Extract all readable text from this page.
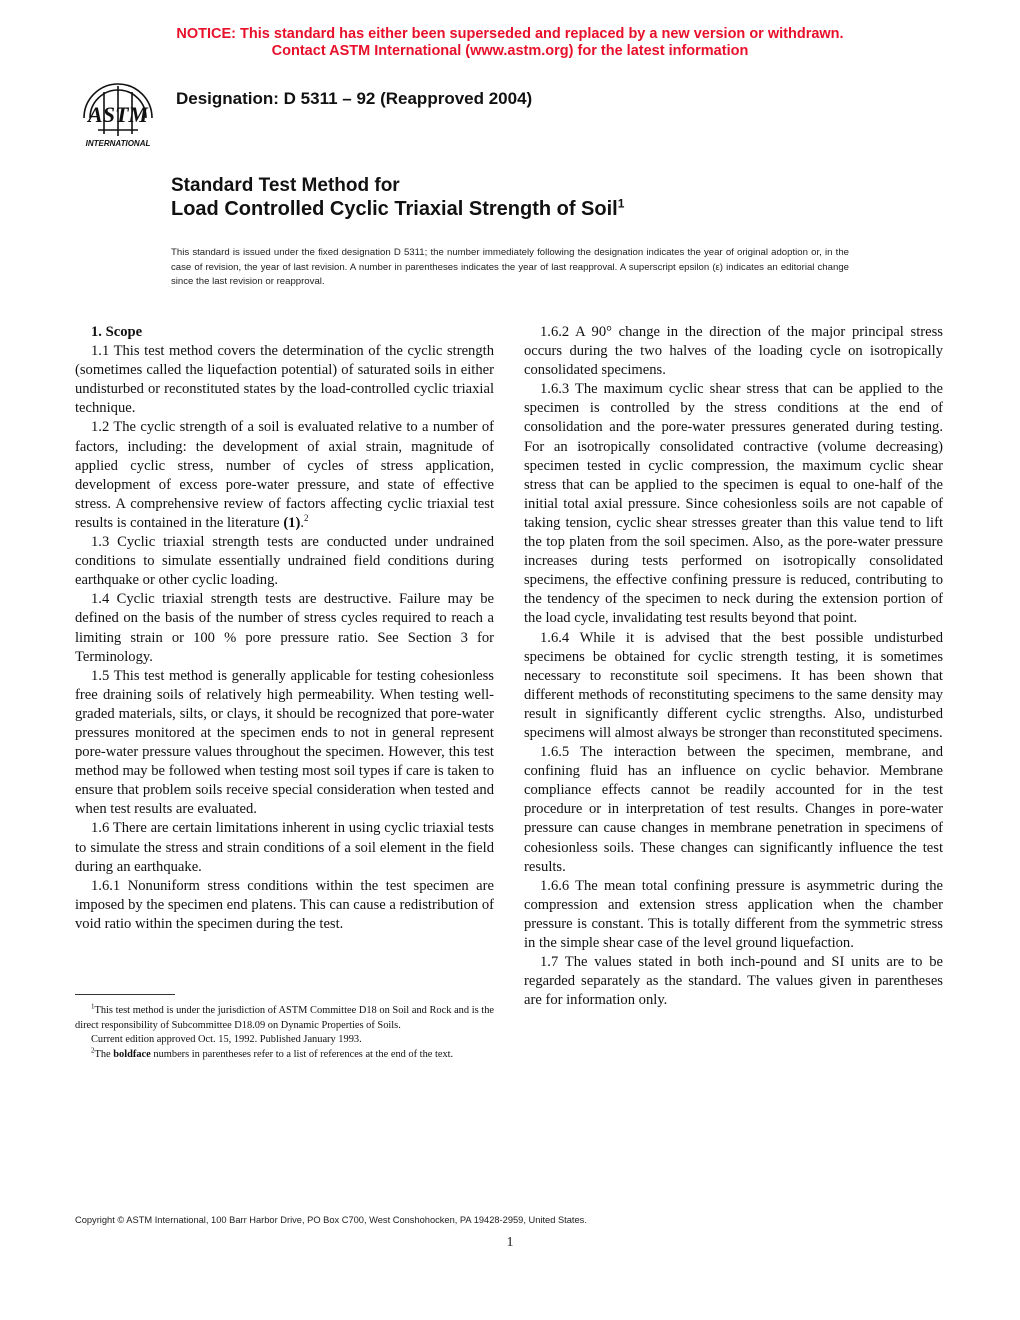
NOTICE: This standard has either been superseded and replaced by a new version or withdrawn.
Contact ASTM International (www.astm.org) for the latest information
ASTM
INTERNATIONAL
Designation: D 5311 – 92 (Reapproved 2004)
Standard Test Method for
Load Controlled Cyclic Triaxial Strength of Soil$^1$
This standard is issued under the fixed designation D 5311; the number immediately following the designation indicates the year of original adoption or, in the case of revision, the year of last revision. A number in parentheses indicates the year of last reapproval. A superscript epsilon (ε) indicates an editorial change since the last revision or reapproval.

1. Scope

1.1 This test method covers the determination of the cyclic strength (sometimes called the liquefaction potential) of saturated soils in either undisturbed or reconstituted states by the load-controlled cyclic triaxial technique.

1.2 The cyclic strength of a soil is evaluated relative to a number of factors, including: the development of axial strain, magnitude of applied cyclic stress, number of cycles of stress application, development of excess pore-water pressure, and state of effective stress. A comprehensive review of factors affecting cyclic triaxial test results is contained in the literature (1).$^2$

1.3 Cyclic triaxial strength tests are conducted under undrained conditions to simulate essentially undrained field conditions during earthquake or other cyclic loading.

1.4 Cyclic triaxial strength tests are destructive. Failure may be defined on the basis of the number of stress cycles required to reach a limiting strain or 100 % pore pressure ratio. See Section 3 for Terminology.

1.5 This test method is generally applicable for testing cohesionless free draining soils of relatively high permeability. When testing well-graded materials, silts, or clays, it should be recognized that pore-water pressures monitored at the specimen ends to not in general represent pore-water pressure values throughout the specimen. However, this test method may be followed when testing most soil types if care is taken to ensure that problem soils receive special consideration when tested and when test results are evaluated.

1.6 There are certain limitations inherent in using cyclic triaxial tests to simulate the stress and strain conditions of a soil element in the field during an earthquake.

1.6.1 Nonuniform stress conditions within the test specimen are imposed by the specimen end platens. This can cause a redistribution of void ratio within the specimen during the test.

1.6.2 A 90° change in the direction of the major principal stress occurs during the two halves of the loading cycle on isotropically consolidated specimens.

1.6.3 The maximum cyclic shear stress that can be applied to the specimen is controlled by the stress conditions at the end of consolidation and the pore-water pressures generated during testing. For an isotropically consolidated contractive (volume decreasing) specimen tested in cyclic compression, the maximum cyclic shear stress that can be applied to the specimen is equal to one-half of the initial total axial pressure. Since cohesionless soils are not capable of taking tension, cyclic shear stresses greater than this value tend to lift the top platen from the soil specimen. Also, as the pore-water pressure increases during tests performed on isotropically consolidated specimens, the effective confining pressure is reduced, contributing to the tendency of the specimen to neck during the extension portion of the load cycle, invalidating test results beyond that point.

1.6.4 While it is advised that the best possible undisturbed specimens be obtained for cyclic strength testing, it is sometimes necessary to reconstitute soil specimens. It has been shown that different methods of reconstituting specimens to the same density may result in significantly different cyclic strengths. Also, undisturbed specimens will almost always be stronger than reconstituted specimens.

1.6.5 The interaction between the specimen, membrane, and confining fluid has an influence on cyclic behavior. Membrane compliance effects cannot be readily accounted for in the test procedure or in interpretation of test results. Changes in pore-water pressure can cause changes in membrane penetration in specimens of cohesionless soils. These changes can significantly influence the test results.

1.6.6 The mean total confining pressure is asymmetric during the compression and extension stress application when the chamber pressure is constant. This is totally different from the symmetric stress in the simple shear case of the level ground liquefaction.

1.7 The values stated in both inch-pound and SI units are to be regarded separately as the standard. The values given in parentheses are for information only.

$^1$This test method is under the jurisdiction of ASTM Committee D18 on Soil and Rock and is the direct responsibility of Subcommittee D18.09 on Dynamic Properties of Soils.

Current edition approved Oct. 15, 1992. Published January 1993.

$^2$The boldface numbers in parentheses refer to a list of references at the end of the text.

Copyright © ASTM International, 100 Barr Harbor Drive, PO Box C700, West Conshohocken, PA 19428-2959, United States.
1
